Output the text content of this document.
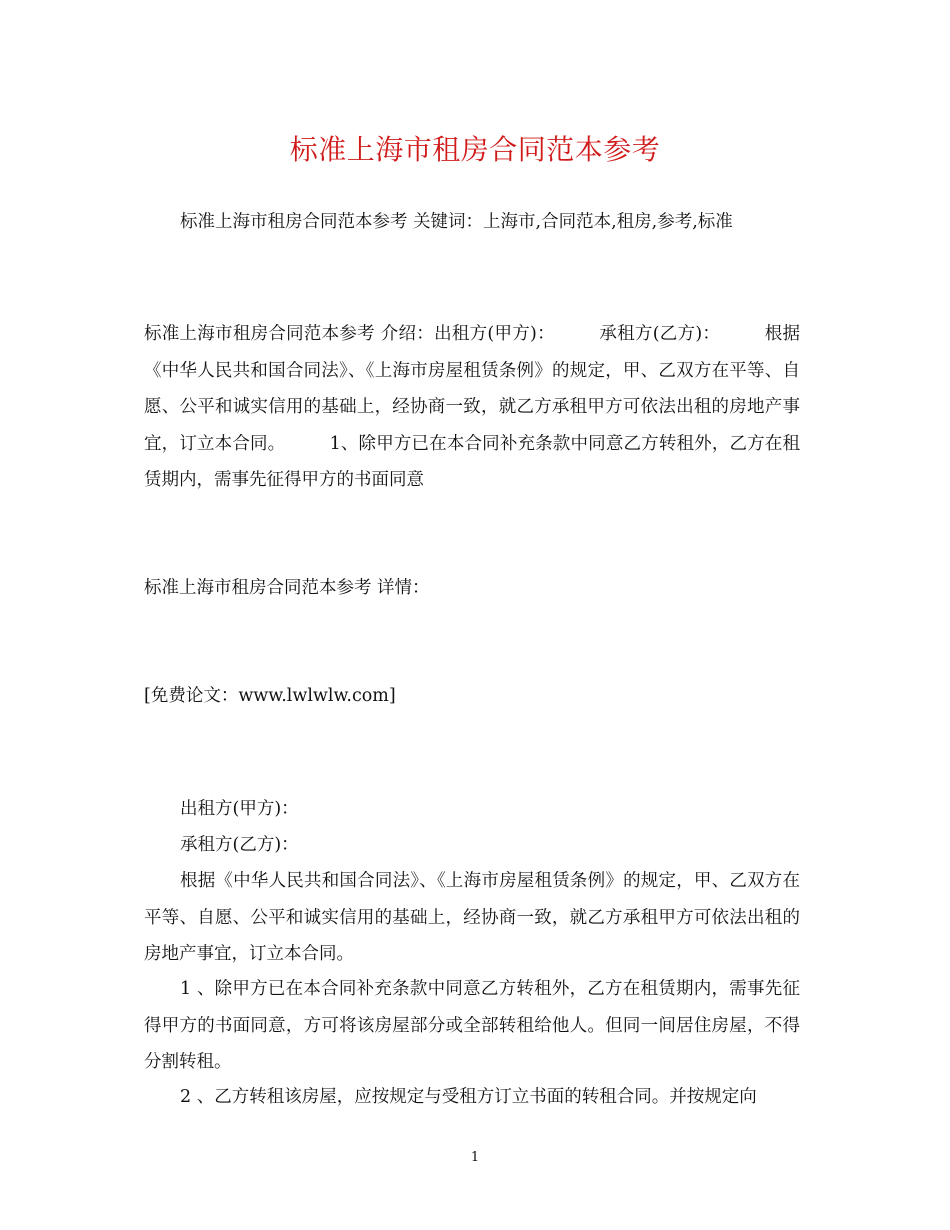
标准上海市租房合同范本参考
标准上海市租房合同范本参考 关键词：上海市,合同范本,租房,参考,标准
标准上海市租房合同范本参考 介绍：出租方(甲方)：　　　承租方(乙方)：　　　根据《中华人民共和国合同法》、《上海市房屋租赁条例》的规定，甲、乙双方在平等、自愿、公平和诚实信用的基础上，经协商一致，就乙方承租甲方可依法出租的房地产事宜，订立本合同。　　　1、除甲方已在本合同补充条款中同意乙方转租外，乙方在租赁期内，需事先征得甲方的书面同意
标准上海市租房合同范本参考 详情：
[免费论文：www.lwlwlw.com]
出租方(甲方)：
承租方(乙方)：
根据《中华人民共和国合同法》、《上海市房屋租赁条例》的规定，甲、乙双方在平等、自愿、公平和诚实信用的基础上，经协商一致，就乙方承租甲方可依法出租的房地产事宜，订立本合同。
1 、除甲方已在本合同补充条款中同意乙方转租外，乙方在租赁期内，需事先征得甲方的书面同意，方可将该房屋部分或全部转租给他人。但同一间居住房屋，不得分割转租。
2 、乙方转租该房屋，应按规定与受租方订立书面的转租合同。并按规定向
1
